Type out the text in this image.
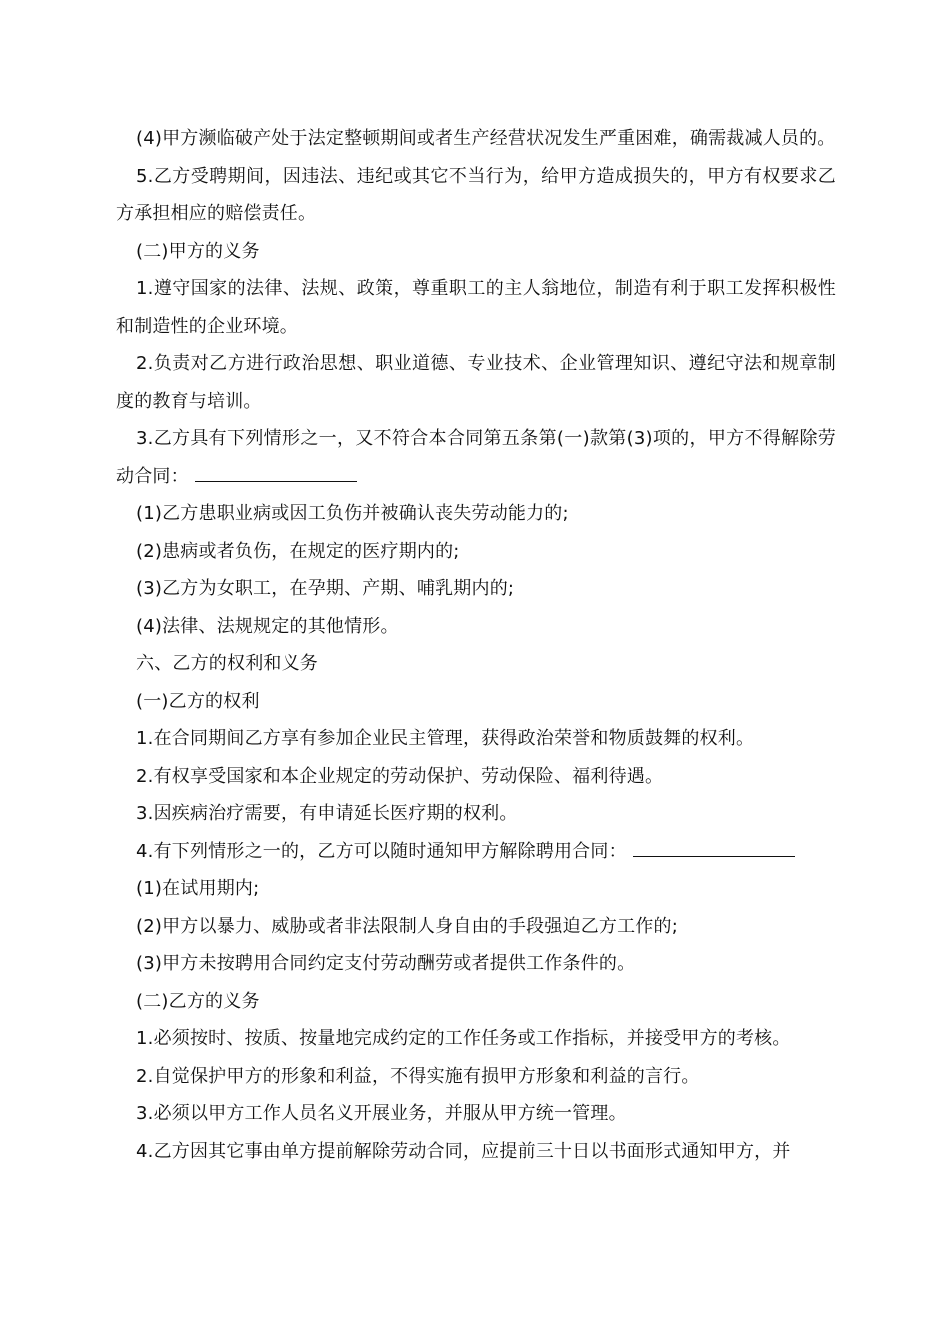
(4)甲方濒临破产处于法定整顿期间或者生产经营状况发生严重困难，确需裁减人员的。

5.乙方受聘期间，因违法、违纪或其它不当行为，给甲方造成损失的，甲方有权要求乙方承担相应的赔偿责任。

(二)甲方的义务

1.遵守国家的法律、法规、政策，尊重职工的主人翁地位，制造有利于职工发挥积极性和制造性的企业环境。

2.负责对乙方进行政治思想、职业道德、专业技术、企业管理知识、遵纪守法和规章制度的教育与培训。

3.乙方具有下列情形之一，又不符合本合同第五条第(一)款第(3)项的，甲方不得解除劳动合同：

(1)乙方患职业病或因工负伤并被确认丧失劳动能力的;

(2)患病或者负伤，在规定的医疗期内的;

(3)乙方为女职工，在孕期、产期、哺乳期内的;

(4)法律、法规规定的其他情形。

六、乙方的权利和义务

(一)乙方的权利

1.在合同期间乙方享有参加企业民主管理，获得政治荣誉和物质鼓舞的权利。

2.有权享受国家和本企业规定的劳动保护、劳动保险、福利待遇。

3.因疾病治疗需要，有申请延长医疗期的权利。

4.有下列情形之一的，乙方可以随时通知甲方解除聘用合同：

(1)在试用期内;

(2)甲方以暴力、威胁或者非法限制人身自由的手段强迫乙方工作的;

(3)甲方未按聘用合同约定支付劳动酬劳或者提供工作条件的。

(二)乙方的义务

1.必须按时、按质、按量地完成约定的工作任务或工作指标，并接受甲方的考核。

2.自觉保护甲方的形象和利益，不得实施有损甲方形象和利益的言行。

3.必须以甲方工作人员名义开展业务，并服从甲方统一管理。

4.乙方因其它事由单方提前解除劳动合同，应提前三十日以书面形式通知甲方，并
